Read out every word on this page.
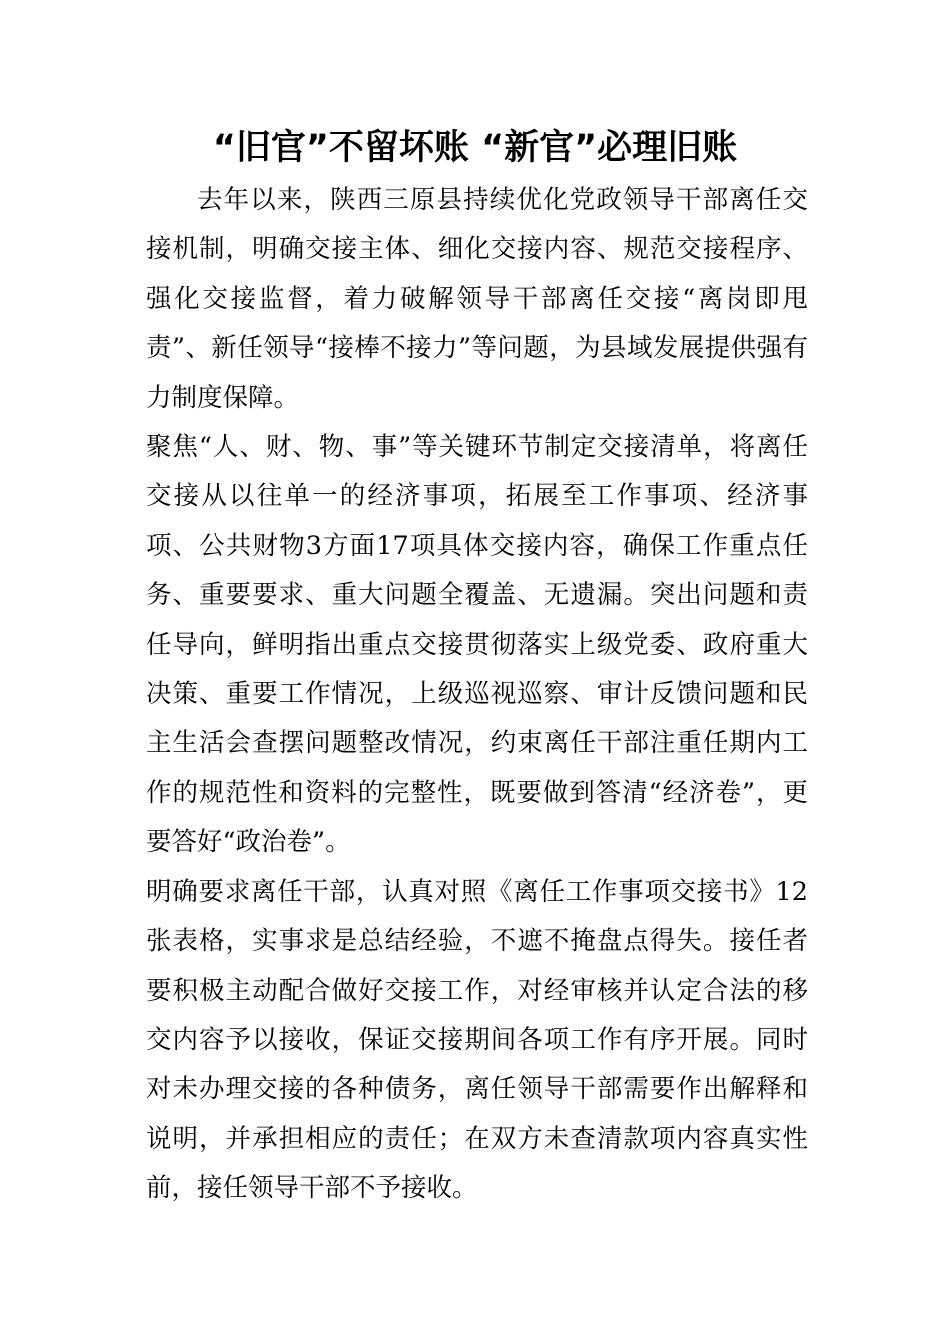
“旧官”不留坏账 “新官”必理旧账

去年以来，陕西三原县持续优化党政领导干部离任交接机制，明确交接主体、细化交接内容、规范交接程序、强化交接监督，着力破解领导干部离任交接“离岗即甩责”、新任领导“接棒不接力”等问题，为县域发展提供强有力制度保障。

聚焦“人、财、物、事”等关键环节制定交接清单，将离任交接从以往单一的经济事项，拓展至工作事项、经济事项、公共财物3方面17项具体交接内容，确保工作重点任务、重要要求、重大问题全覆盖、无遗漏。突出问题和责任导向，鲜明指出重点交接贯彻落实上级党委、政府重大决策、重要工作情况，上级巡视巡察、审计反馈问题和民主生活会查摆问题整改情况，约束离任干部注重任期内工作的规范性和资料的完整性，既要做到答清“经济卷”，更要答好“政治卷”。

明确要求离任干部，认真对照《离任工作事项交接书》12张表格，实事求是总结经验，不遮不掩盘点得失。接任者要积极主动配合做好交接工作，对经审核并认定合法的移交内容予以接收，保证交接期间各项工作有序开展。同时对未办理交接的各种债务，离任领导干部需要作出解释和说明，并承担相应的责任；在双方未查清款项内容真实性前，接任领导干部不予接收。
